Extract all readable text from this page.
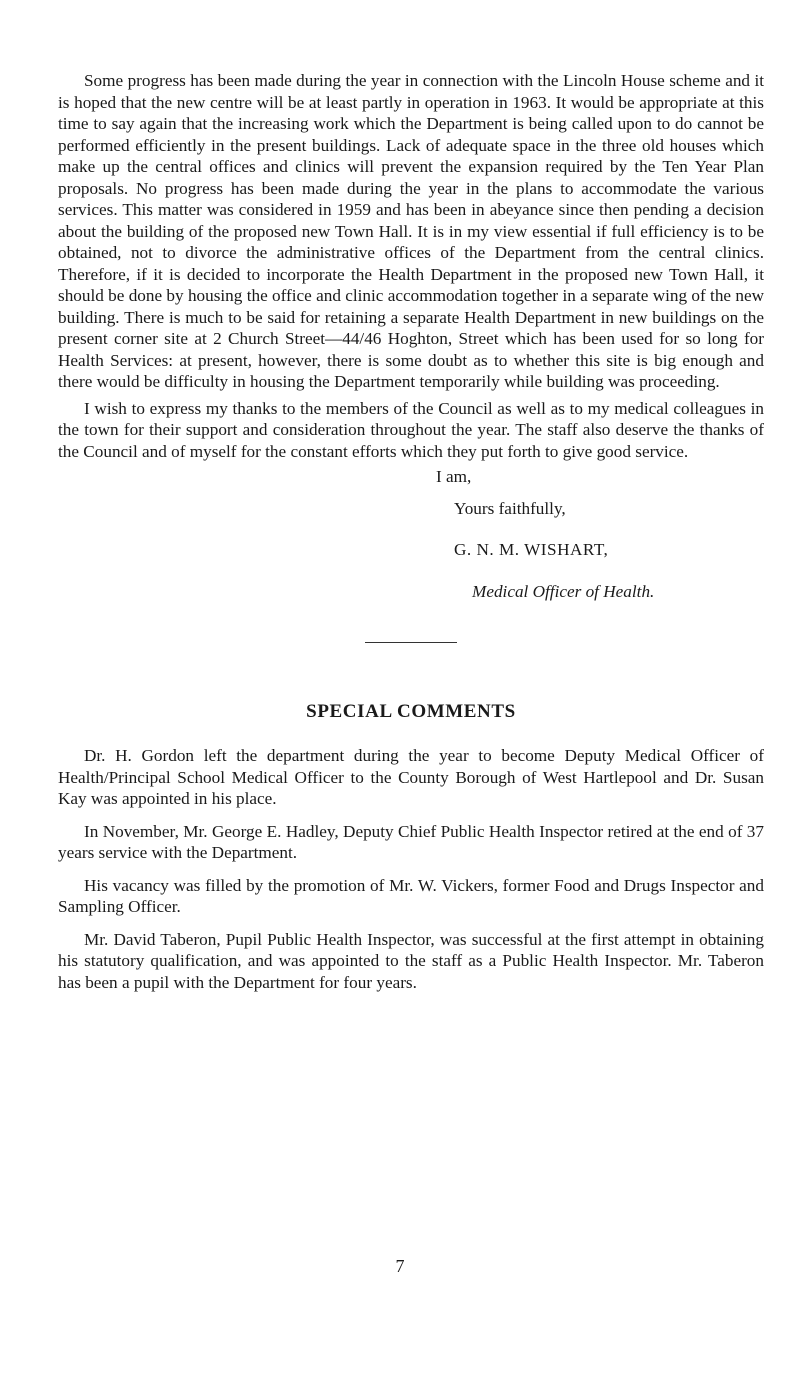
Some progress has been made during the year in connection with the Lincoln House scheme and it is hoped that the new centre will be at least partly in operation in 1963. It would be appropriate at this time to say again that the increasing work which the Department is being called upon to do cannot be performed efficiently in the present buildings. Lack of adequate space in the three old houses which make up the central offices and clinics will prevent the expansion required by the Ten Year Plan proposals. No progress has been made during the year in the plans to accommodate the various services. This matter was considered in 1959 and has been in abeyance since then pending a decision about the building of the proposed new Town Hall. It is in my view essential if full efficiency is to be obtained, not to divorce the administrative offices of the Department from the central clinics. Therefore, if it is decided to incorporate the Health Department in the proposed new Town Hall, it should be done by housing the office and clinic accommodation together in a separate wing of the new building. There is much to be said for retaining a separate Health Department in new buildings on the present corner site at 2 Church Street—44/46 Hoghton, Street which has been used for so long for Health Services: at present, however, there is some doubt as to whether this site is big enough and there would be difficulty in housing the Department temporarily while building was proceeding.

I wish to express my thanks to the members of the Council as well as to my medical colleagues in the town for their support and consideration throughout the year. The staff also deserve the thanks of the Council and of myself for the constant efforts which they put forth to give good service.

I am,
Yours faithfully,
G. N. M. WISHART,
Medical Officer of Health.
SPECIAL COMMENTS

Dr. H. Gordon left the department during the year to become Deputy Medical Officer of Health/Principal School Medical Officer to the County Borough of West Hartlepool and Dr. Susan Kay was appointed in his place.

In November, Mr. George E. Hadley, Deputy Chief Public Health Inspector retired at the end of 37 years service with the Department.

His vacancy was filled by the promotion of Mr. W. Vickers, former Food and Drugs Inspector and Sampling Officer.

Mr. David Taberon, Pupil Public Health Inspector, was successful at the first attempt in obtaining his statutory qualification, and was appointed to the staff as a Public Health Inspector. Mr. Taberon has been a pupil with the Department for four years.

7
